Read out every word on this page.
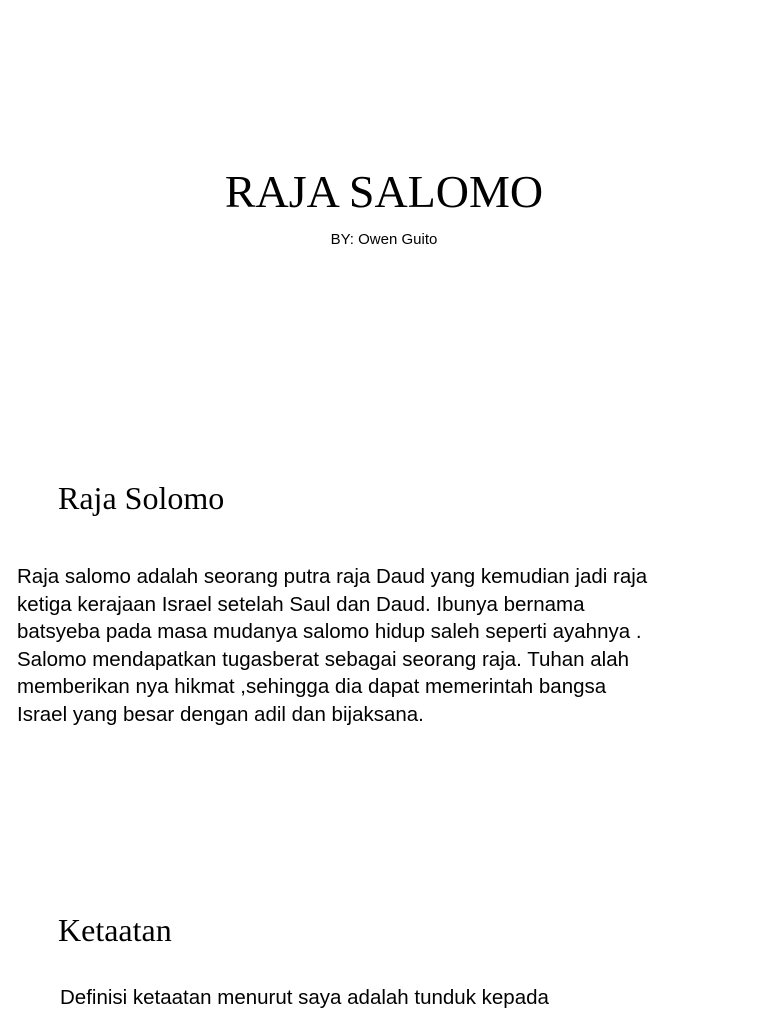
RAJA SALOMO

BY: Owen Guito

Raja Solomo

Raja salomo adalah seorang putra raja Daud yang kemudian jadi raja
ketiga kerajaan Israel setelah Saul dan Daud. Ibunya bernama
batsyeba pada masa mudanya salomo hidup saleh seperti ayahnya .
Salomo mendapatkan tugasberat sebagai seorang raja. Tuhan alah
memberikan nya hikmat ,sehingga dia dapat memerintah bangsa
Israel yang besar dengan adil dan bijaksana.

Ketaatan

Definisi ketaatan menurut saya adalah tunduk kepada
